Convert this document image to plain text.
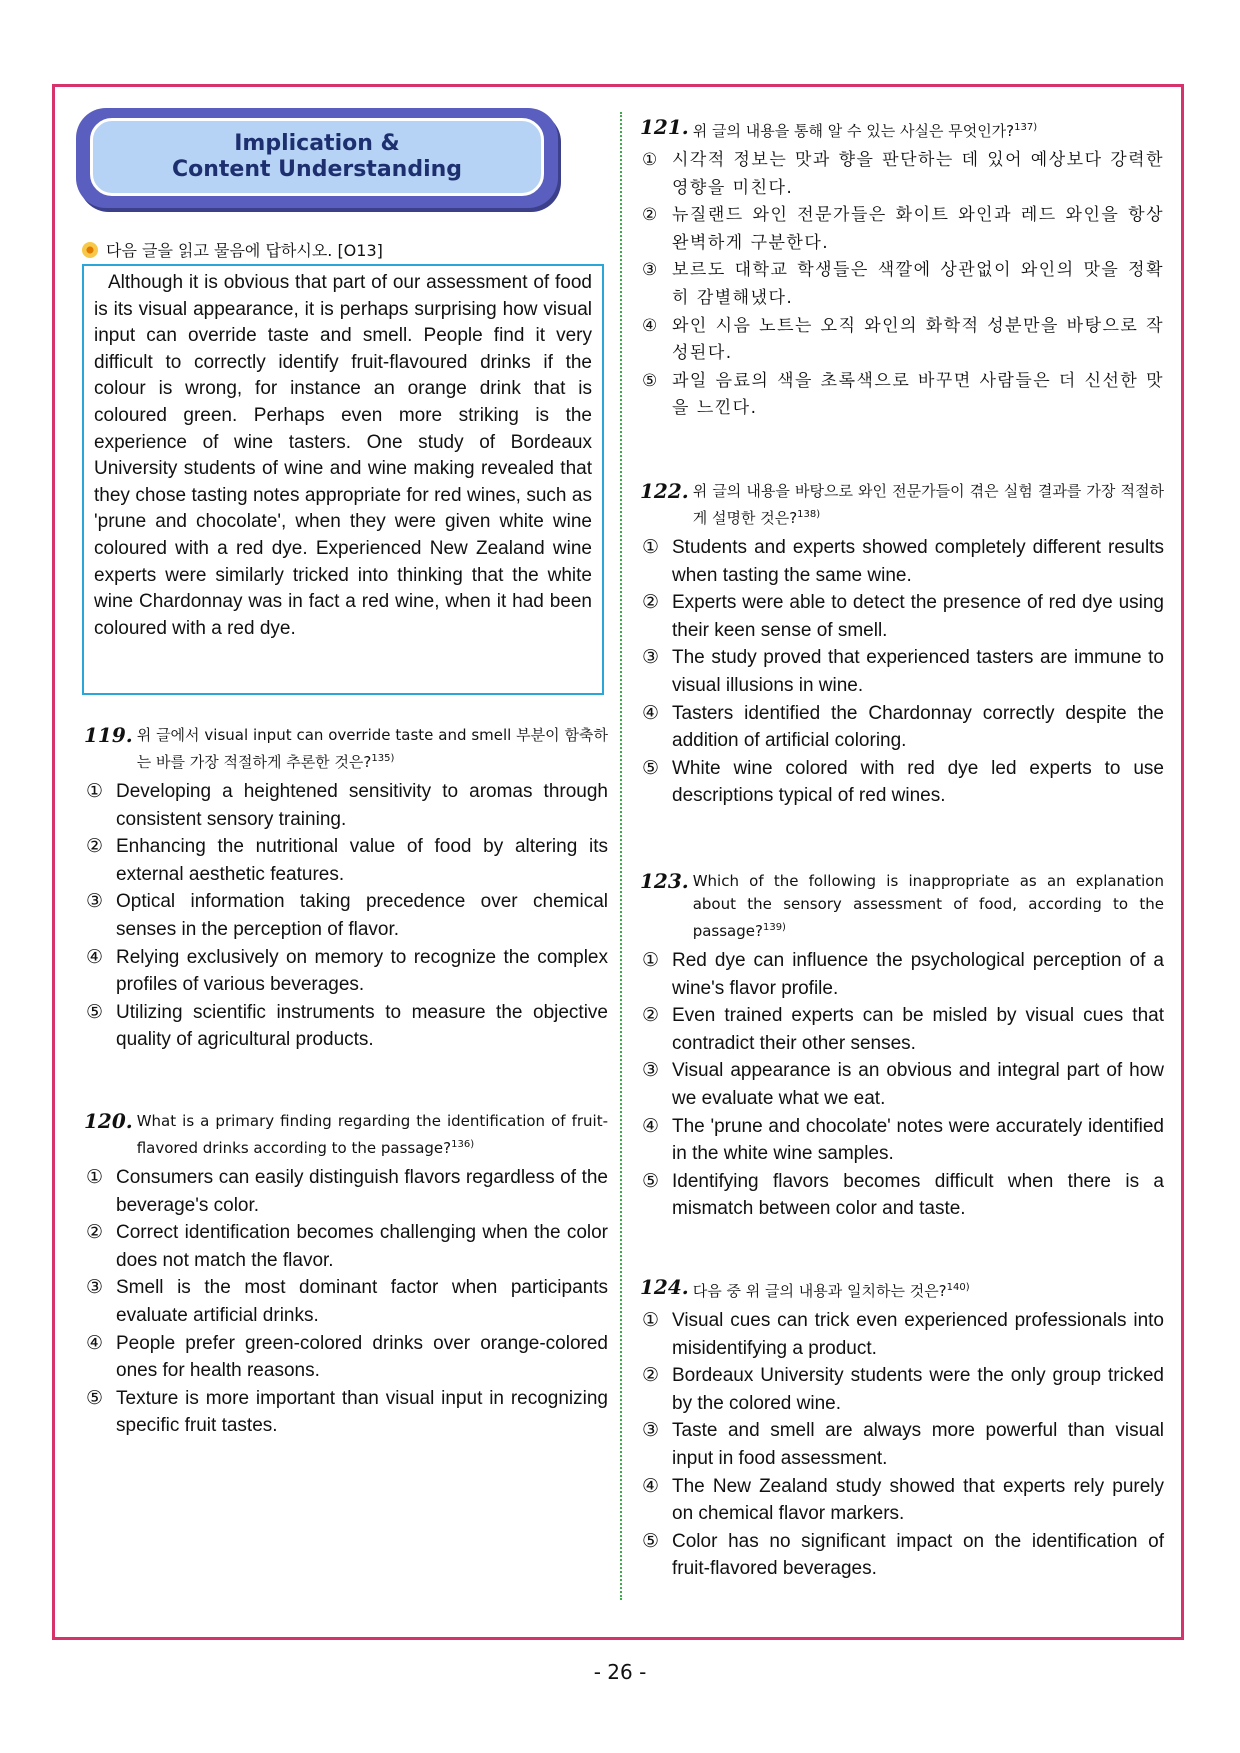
Implication &
Content Understanding
다음 글을 읽고 물음에 답하시오. [O13]
Although it is obvious that part of our assessment of food is its visual appearance, it is perhaps surprising how visual input can override taste and smell. People find it very difficult to correctly identify fruit-flavoured drinks if the colour is wrong, for instance an orange drink that is coloured green. Perhaps even more striking is the experience of wine tasters. One study of Bordeaux University students of wine and wine making revealed that they chose tasting notes appropriate for red wines, such as 'prune and chocolate', when they were given white wine coloured with a red dye. Experienced New Zealand wine experts were similarly tricked into thinking that the white wine Chardonnay was in fact a red wine, when it had been coloured with a red dye.
119. 위 글에서 visual input can override taste and smell 부분이 함축하는 바를 가장 적절하게 추론한 것은?$^{135)}$
① Developing a heightened sensitivity to aromas through consistent sensory training.
② Enhancing the nutritional value of food by altering its external aesthetic features.
③ Optical information taking precedence over chemical senses in the perception of flavor.
④ Relying exclusively on memory to recognize the complex profiles of various beverages.
⑤ Utilizing scientific instruments to measure the objective quality of agricultural products.
120. What is a primary finding regarding the identification of fruit-flavored drinks according to the passage?$^{136)}$
① Consumers can easily distinguish flavors regardless of the beverage's color.
② Correct identification becomes challenging when the color does not match the flavor.
③ Smell is the most dominant factor when participants evaluate artificial drinks.
④ People prefer green-colored drinks over orange-colored ones for health reasons.
⑤ Texture is more important than visual input in recognizing specific fruit tastes.
121. 위 글의 내용을 통해 알 수 있는 사실은 무엇인가?$^{137)}$
① 시각적 정보는 맛과 향을 판단하는 데 있어 예상보다 강력한 영향을 미친다.
② 뉴질랜드 와인 전문가들은 화이트 와인과 레드 와인을 항상 완벽하게 구분한다.
③ 보르도 대학교 학생들은 색깔에 상관없이 와인의 맛을 정확히 감별해냈다.
④ 와인 시음 노트는 오직 와인의 화학적 성분만을 바탕으로 작성된다.
⑤ 과일 음료의 색을 초록색으로 바꾸면 사람들은 더 신선한 맛을 느낀다.
122. 위 글의 내용을 바탕으로 와인 전문가들이 겪은 실험 결과를 가장 적절하게 설명한 것은?$^{138)}$
① Students and experts showed completely different results when tasting the same wine.
② Experts were able to detect the presence of red dye using their keen sense of smell.
③ The study proved that experienced tasters are immune to visual illusions in wine.
④ Tasters identified the Chardonnay correctly despite the addition of artificial coloring.
⑤ White wine colored with red dye led experts to use descriptions typical of red wines.
123. Which of the following is inappropriate as an explanation about the sensory assessment of food, according to the passage?$^{139)}$
① Red dye can influence the psychological perception of a wine's flavor profile.
② Even trained experts can be misled by visual cues that contradict their other senses.
③ Visual appearance is an obvious and integral part of how we evaluate what we eat.
④ The 'prune and chocolate' notes were accurately identified in the white wine samples.
⑤ Identifying flavors becomes difficult when there is a mismatch between color and taste.
124. 다음 중 위 글의 내용과 일치하는 것은?$^{140)}$
① Visual cues can trick even experienced professionals into misidentifying a product.
② Bordeaux University students were the only group tricked by the colored wine.
③ Taste and smell are always more powerful than visual input in food assessment.
④ The New Zealand study showed that experts rely purely on chemical flavor markers.
⑤ Color has no significant impact on the identification of fruit-flavored beverages.
- 26 -
